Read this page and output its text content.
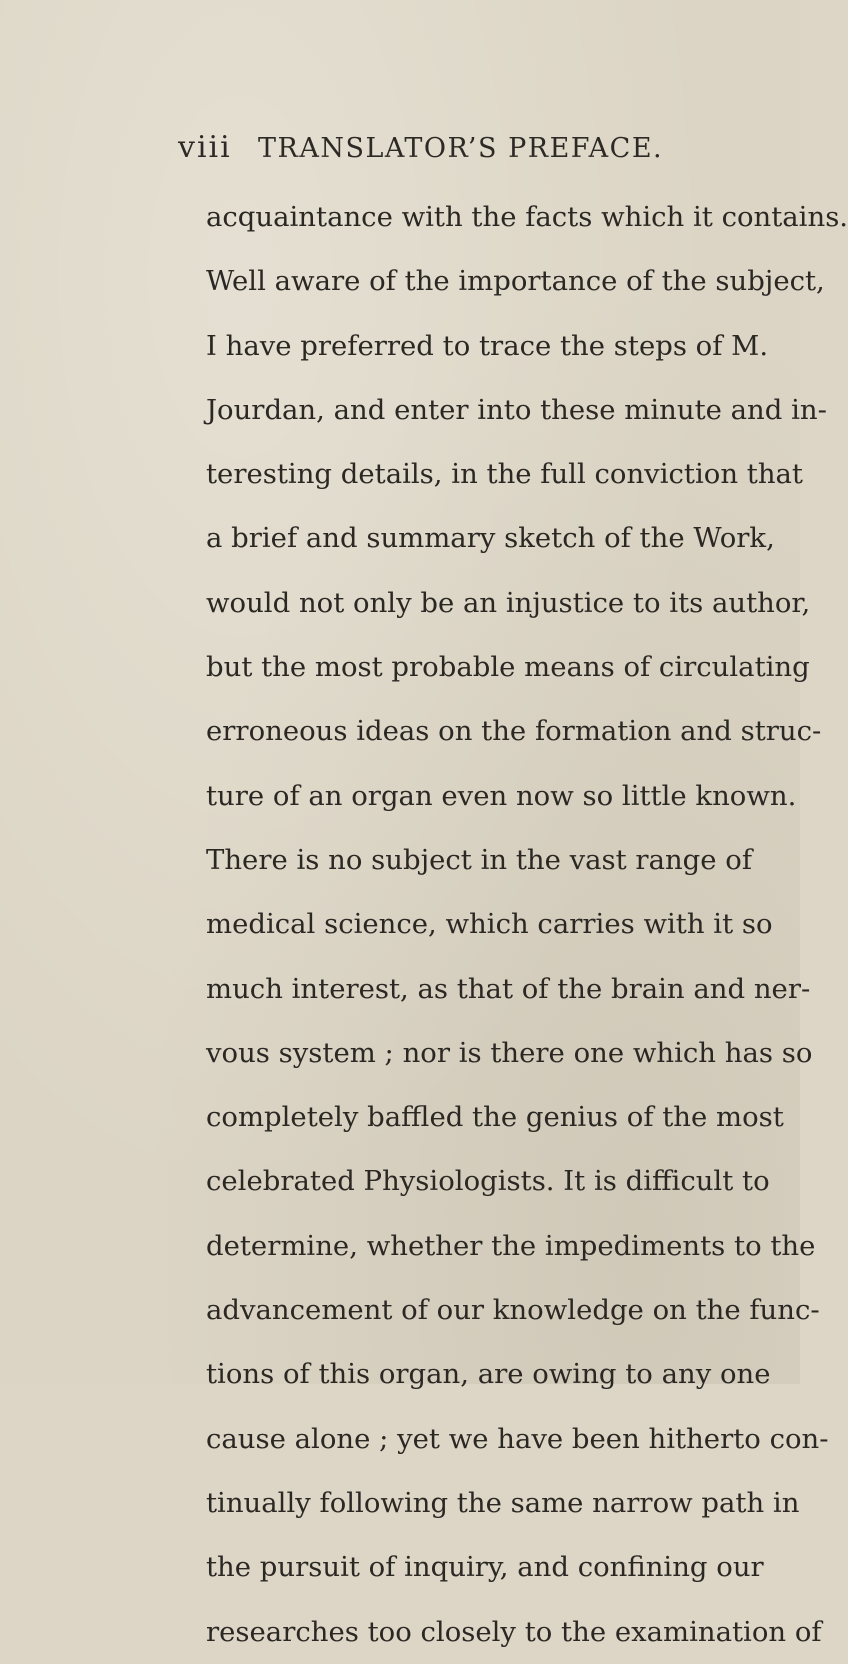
viii TRANSLATOR’S PREFACE.
acquaintance with the facts which it contains.
Well aware of the importance of the subject,
I have preferred to trace the steps of M.
Jourdan, and enter into these minute and in-
teresting details, in the full conviction that
a brief and summary sketch of the Work,
would not only be an injustice to its author,
but the most probable means of circulating
erroneous ideas on the formation and struc-
ture of an organ even now so little known.
There is no subject in the vast range of
medical science, which carries with it so
much interest, as that of the brain and ner-
vous system ; nor is there one which has so
completely baffled the genius of the most
celebrated Physiologists. It is difficult to
determine, whether the impediments to the
advancement of our knowledge on the func-
tions of this organ, are owing to any one
cause alone ; yet we have been hitherto con-
tinually following the same narrow path in
the pursuit of inquiry, and confining our
researches too closely to the examination of
